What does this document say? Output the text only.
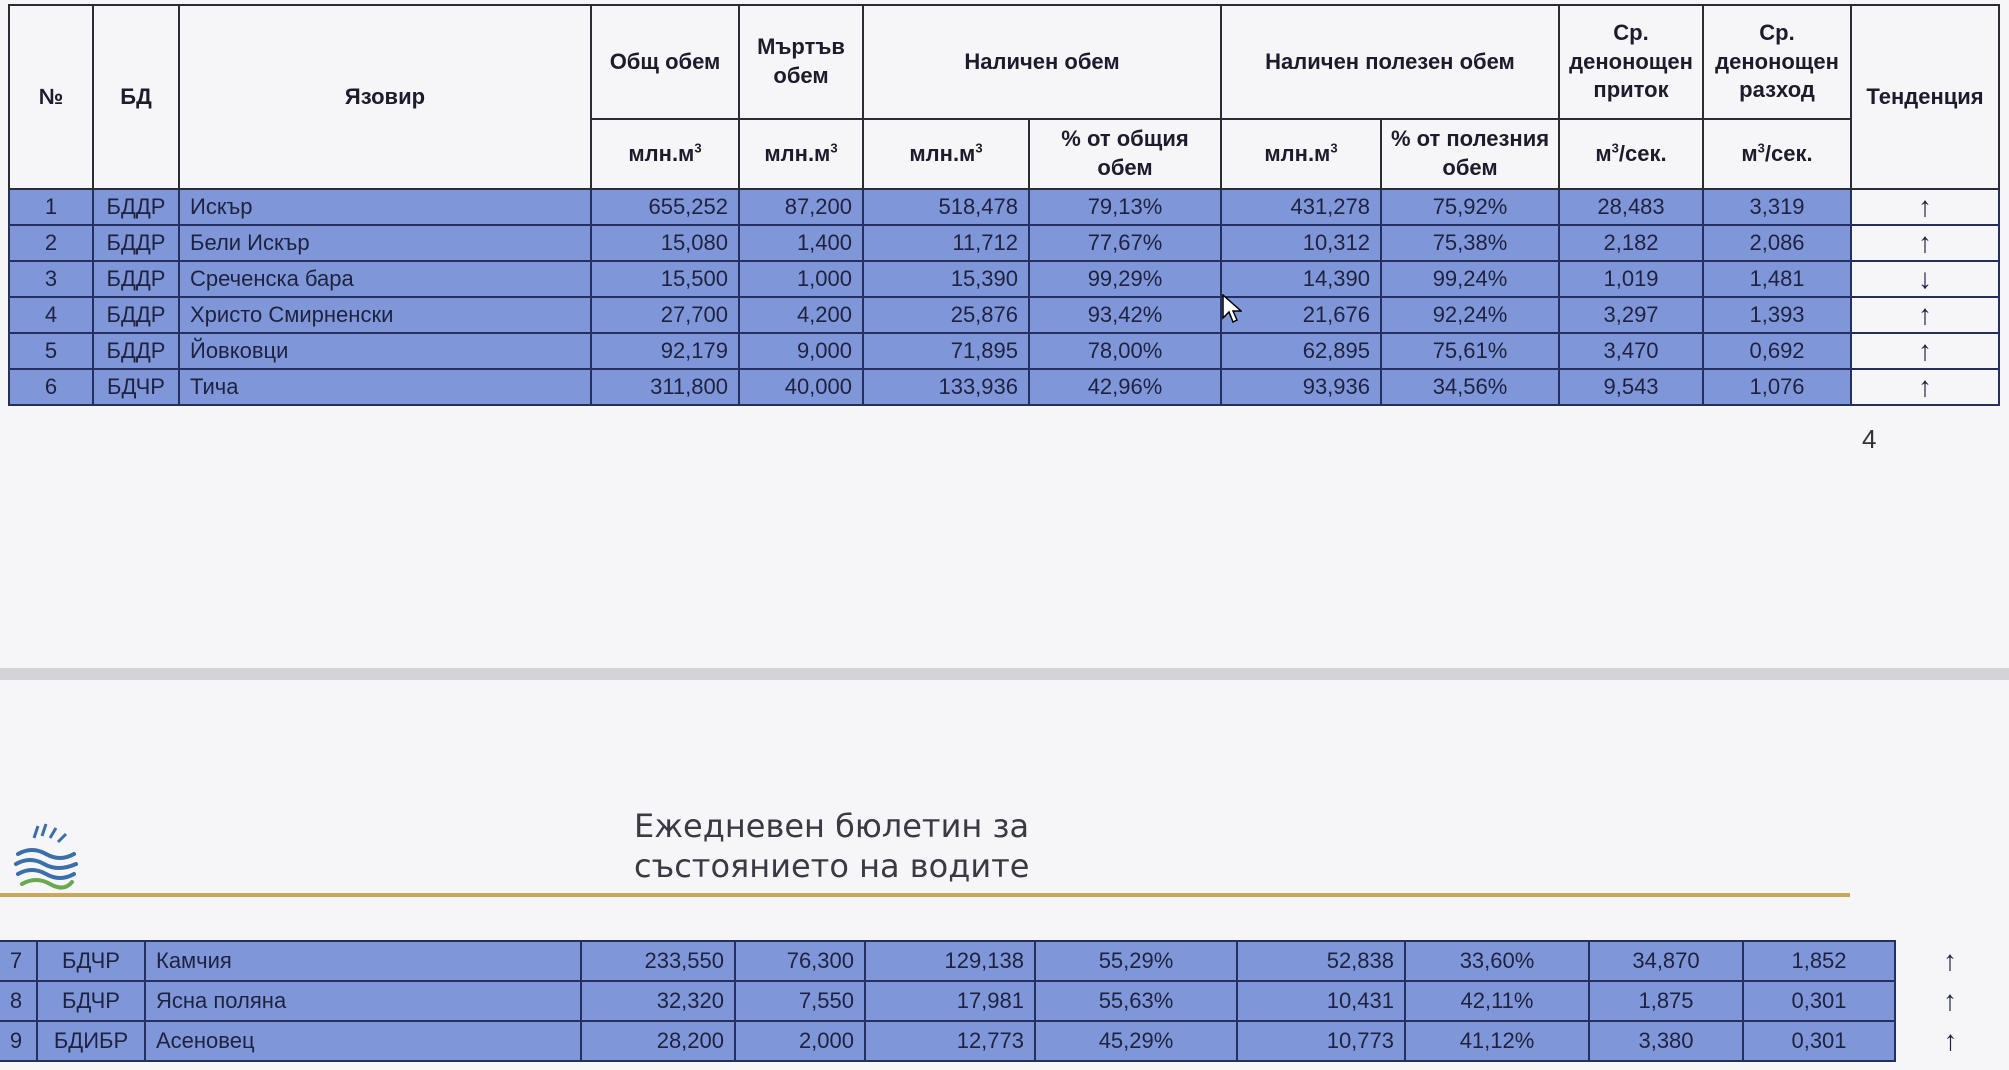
№	БД	Язовир	Общ обем	Мъртъв обем	Наличен обем		Наличен полезен обем		Ср. денонощен приток	Ср. денонощен разход	Тенденция
			$млн.м^3$	$млн.м^3$	$млн.м^3$	% от общия обем	$млн.м^3$	% от полезния обем	$м^3$/сек.	$м^3$/сек.	
1	БДДР	Искър	655,252	87,200	518,478	79,13%	431,278	75,92%	28,483	3,319	↑
2	БДДР	Бели Искър	15,080	1,400	11,712	77,67%	10,312	75,38%	2,182	2,086	↑
3	БДДР	Среченска бара	15,500	1,000	15,390	99,29%	14,390	99,24%	1,019	1,481	↓
4	БДДР	Христо Смирненски	27,700	4,200	25,876	93,42%	21,676	92,24%	3,297	1,393	↑
5	БДДР	Йовковци	92,179	9,000	71,895	78,00%	62,895	75,61%	3,470	0,692	↑
6	БДЧР	Тича	311,800	40,000	133,936	42,96%	93,936	34,56%	9,543	1,076	↑
4
Ежедневен бюлетин за
състоянието на водите
7	БДЧР	Камчия	233,550	76,300	129,138	55,29%	52,838	33,60%	34,870	1,852	↑
8	БДЧР	Ясна поляна	32,320	7,550	17,981	55,63%	10,431	42,11%	1,875	0,301	↑
9	БДИБР	Асеновец	28,200	2,000	12,773	45,29%	10,773	41,12%	3,380	0,301	↑
